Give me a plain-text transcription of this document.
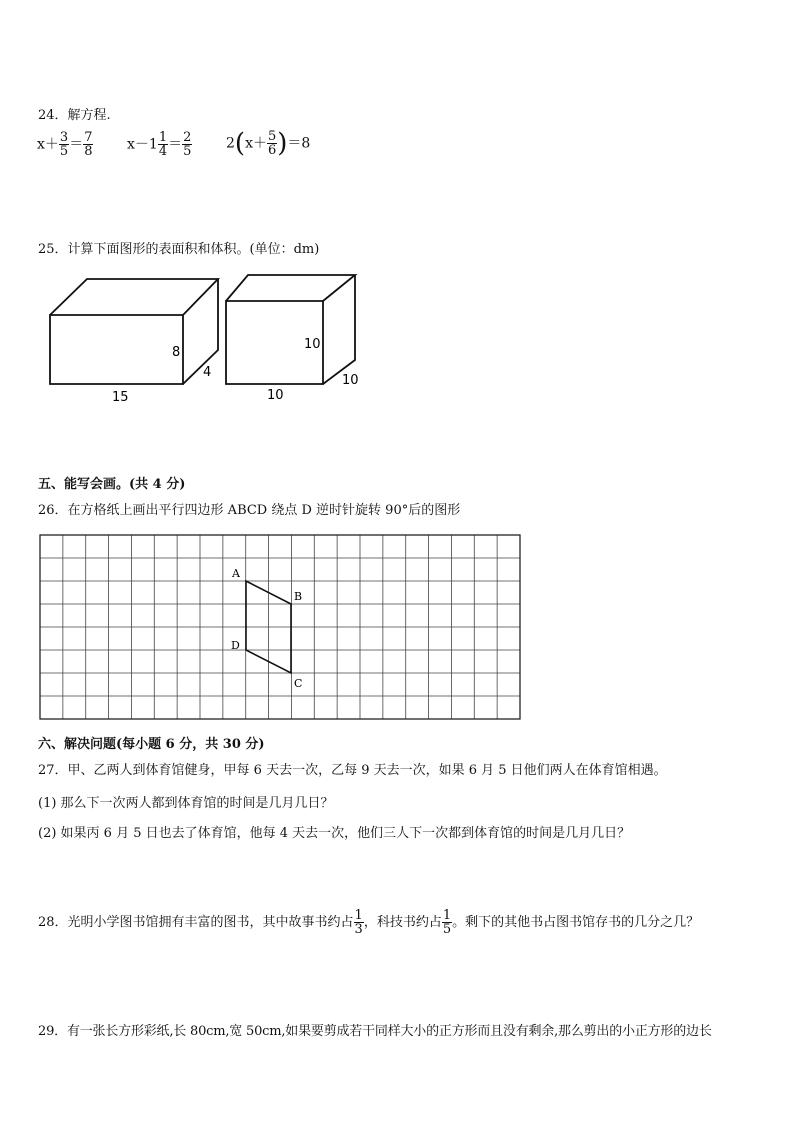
24．解方程.
$x+ \frac{3}{5} = \frac{7}{8} x-1 \frac{1}{4} = \frac{2}{5} 2(x+ \frac{5}{6} )=8$
25．计算下面图形的表面积和体积。(单位：dm)
8
4
15
10
10
10
五、能写会画。(共 4 分)
26．在方格纸上画出平行四边形 ABCD 绕点 D 逆时针旋转 90°后的图形
A
B
C
D
六、解决问题(每小题 6 分，共 30 分)
27．甲、乙两人到体育馆健身，甲每 6 天去一次，乙每 9 天去一次，如果 6 月 5 日他们两人在体育馆相遇。
(1) 那么下一次两人都到体育馆的时间是几月几日？
(2) 如果丙 6 月 5 日也去了体育馆，他每 4 天去一次，他们三人下一次都到体育馆的时间是几月几日？
28．光明小学图书馆拥有丰富的图书，其中故事书约占 $\frac{1}{3}$ ，科技书约占 $\frac{1}{5}$ 。剩下的其他书占图书馆存书的几分之几？
29．有一张长方形彩纸,长 80cm,宽 50cm,如果要剪成若干同样大小的正方形而且没有剩余,那么剪出的小正方形的边长
